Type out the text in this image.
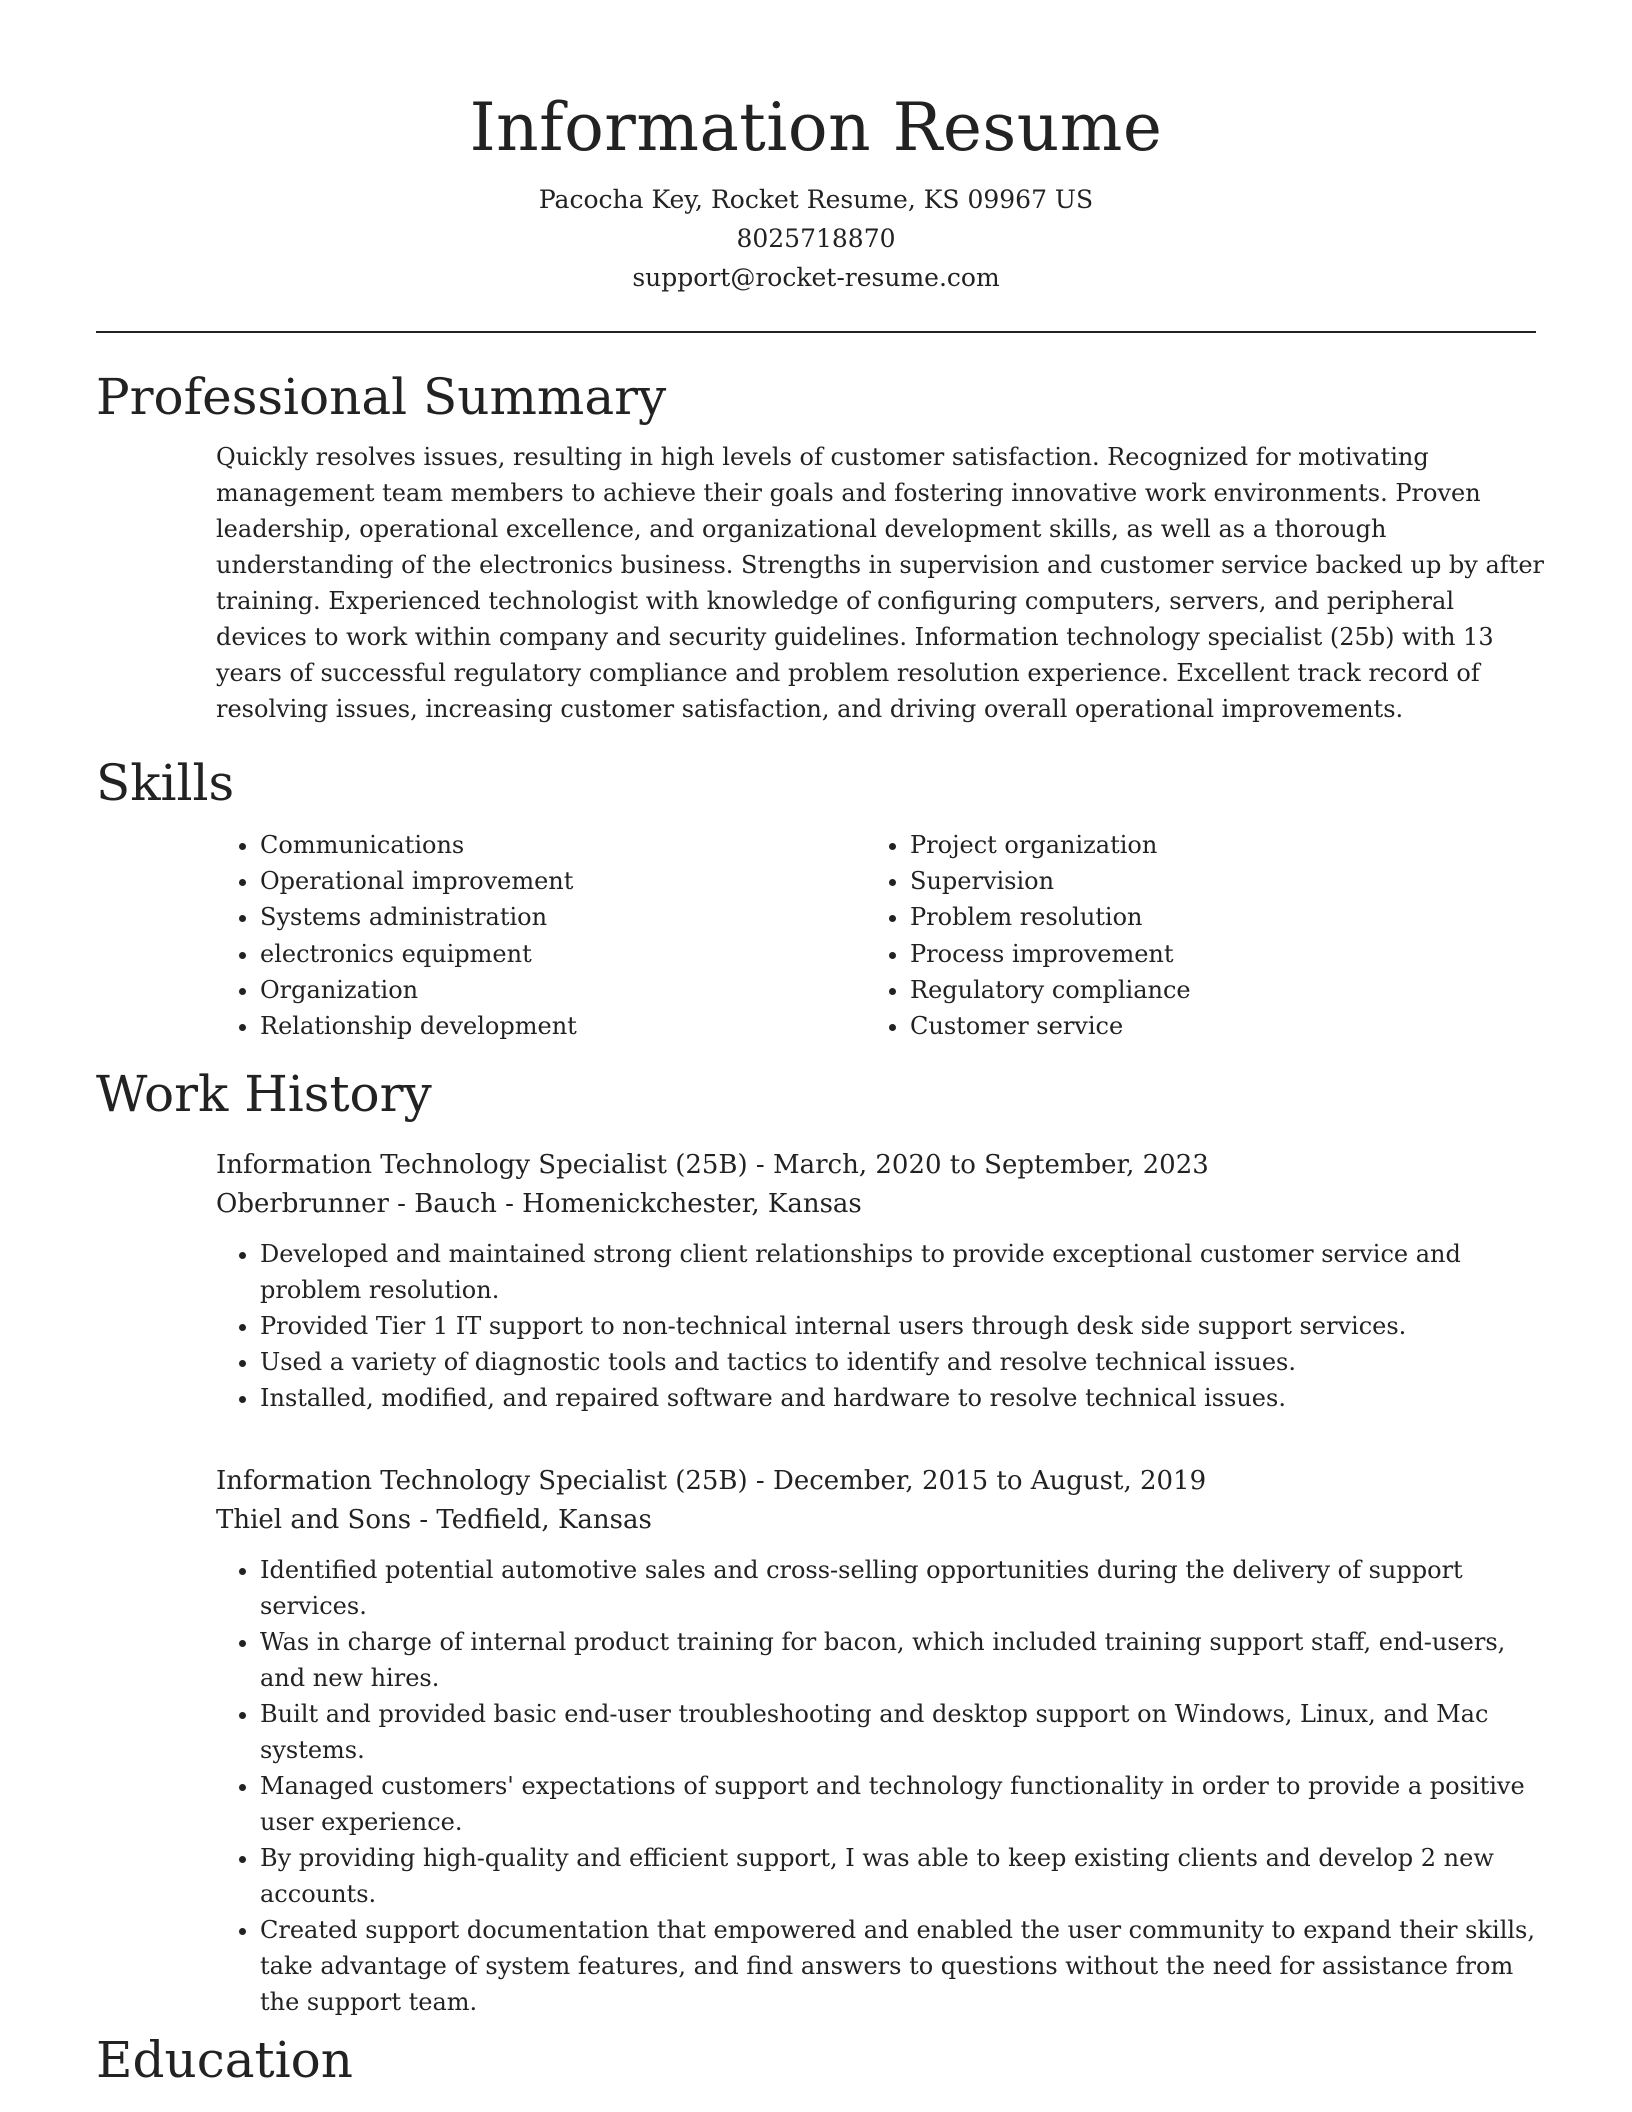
Information Resume
Pacocha Key, Rocket Resume, KS 09967 US
8025718870
support@rocket-resume.com
Professional Summary

Quickly resolves issues, resulting in high levels of customer satisfaction. Recognized for motivating management team members to achieve their goals and fostering innovative work environments. Proven leadership, operational excellence, and organizational development skills, as well as a thorough understanding of the electronics business. Strengths in supervision and customer service backed up by after training. Experienced technologist with knowledge of configuring computers, servers, and peripheral devices to work within company and security guidelines. Information technology specialist (25b) with 13 years of successful regulatory compliance and problem resolution experience. Excellent track record of resolving issues, increasing customer satisfaction, and driving overall operational improvements.

Skills
• Communications
• Operational improvement
• Systems administration
• electronics equipment
• Organization
• Relationship development
• Project organization
• Supervision
• Problem resolution
• Process improvement
• Regulatory compliance
• Customer service
Work History
Information Technology Specialist (25B) - March, 2020 to September, 2023
Oberbrunner - Bauch - Homenickchester, Kansas
• Developed and maintained strong client relationships to provide exceptional customer service and problem resolution.
• Provided Tier 1 IT support to non-technical internal users through desk side support services.
• Used a variety of diagnostic tools and tactics to identify and resolve technical issues.
• Installed, modified, and repaired software and hardware to resolve technical issues.
Information Technology Specialist (25B) - December, 2015 to August, 2019
Thiel and Sons - Tedfield, Kansas
• Identified potential automotive sales and cross-selling opportunities during the delivery of support services.
• Was in charge of internal product training for bacon, which included training support staff, end-users, and new hires.
• Built and provided basic end-user troubleshooting and desktop support on Windows, Linux, and Mac systems.
• Managed customers' expectations of support and technology functionality in order to provide a positive user experience.
• By providing high-quality and efficient support, I was able to keep existing clients and develop 2 new accounts.
• Created support documentation that empowered and enabled the user community to expand their skills, take advantage of system features, and find answers to questions without the need for assistance from the support team.
Education
